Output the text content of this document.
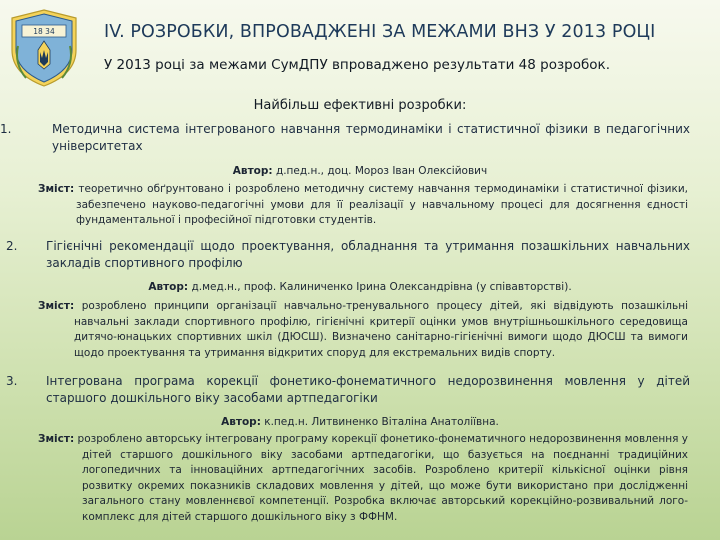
18 34	IV. РОЗРОБКИ, ВПРОВАДЖЕНІ ЗА МЕЖАМИ ВНЗ У 2013 РОЦІ
У 2013 році за межами СумДПУ впроваджено результати 48 розробок.
Найбільш ефективні розробки:
1.	Методична система інтегрованого навчання термодинаміки і статистичної фізики в педагогічних університетах
Автор: д.пед.н., доц. Мороз Іван Олексійович
Зміст: теоретично обґрунтовано і розроблено методичну систему навчання термодинаміки і статистичної фізики, забезпечено науково-педагогічні умови для її реалізації у навчальному процесі для досягнення єдності фундаментальної і професійної підготовки студентів.
2. Гігієнічні рекомендації щодо проектування, обладнання та утримання позашкільних навчальних закладів спортивного профілю
Автор: д.мед.н., проф. Калиниченко Ірина Олександрівна (у співавторстві).
Зміст: розроблено принципи організації навчально-тренувального процесу дітей, які відвідують позашкільні навчальні заклади спортивного профілю, гігієнічні критерії оцінки умов внутрішньошкільного середовища дитячо-юнацьких спортивних шкіл (ДЮСШ). Визначено санітарно-гігієнічні вимоги щодо ДЮСШ та вимоги щодо проектування та утримання відкритих споруд для екстремальних видів спорту.
3. Інтегрована програма корекції фонетико-фонематичного недорозвинення мовлення у дітей старшого дошкільного віку засобами артпедагогіки
Автор: к.пед.н. Литвиненко Віталіна Анатоліївна.
Зміст: розроблено авторську інтегровану програму корекції фонетико-фонематичного недорозвинення мовлення у дітей старшого дошкільного віку засобами артпедагогіки, що базується на поєднанні традиційних логопедичних та інноваційних артпедагогічних засобів. Розроблено критерії кількісної оцінки рівня розвитку окремих показників складових мовлення у дітей, що може бути використано при дослідженні загального стану мовленнєвої компетенції. Розробка включає авторський корекційно-розвивальний лого-комплекс для дітей старшого дошкільного віку з ФФНМ.
